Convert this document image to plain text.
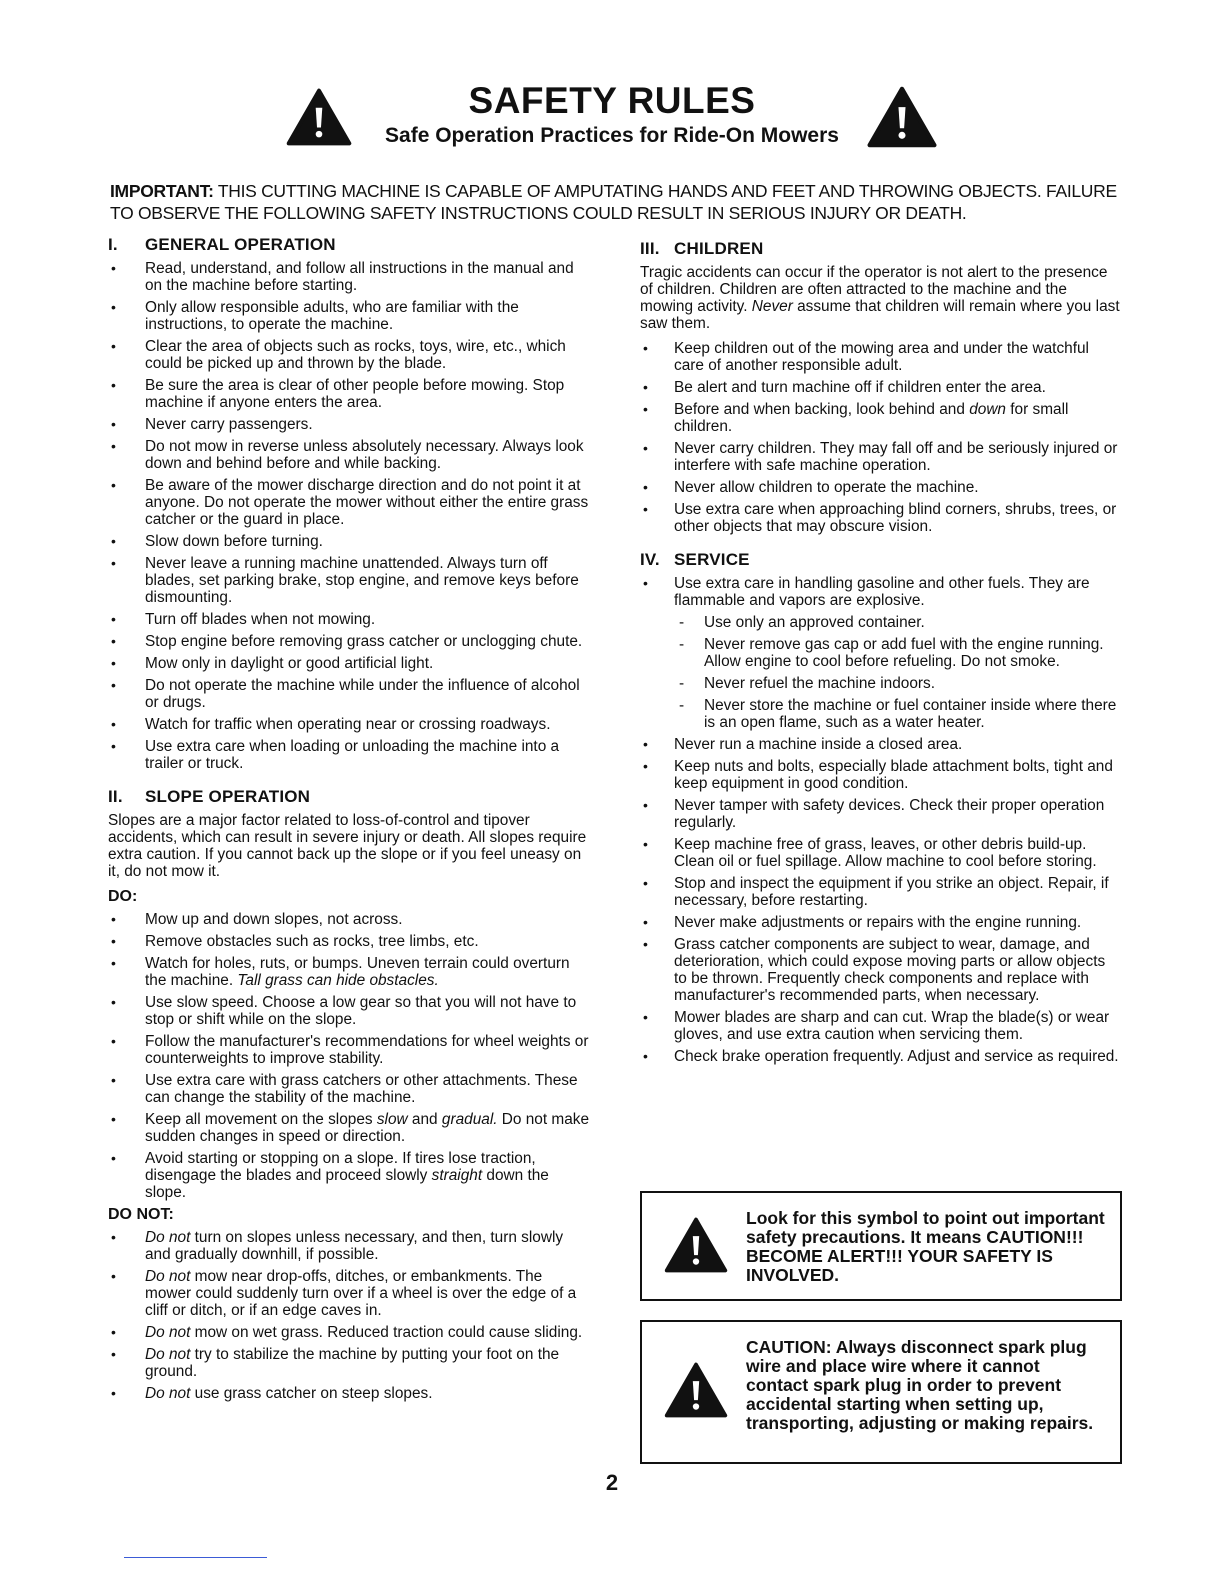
SAFETY RULES
Safe Operation Practices for Ride-On Mowers
IMPORTANT: THIS CUTTING MACHINE IS CAPABLE OF AMPUTATING HANDS AND FEET AND THROWING OBJECTS. FAILURE TO OBSERVE THE FOLLOWING SAFETY INSTRUCTIONS COULD RESULT IN SERIOUS INJURY OR DEATH.
I.	GENERAL OPERATION
• Read, understand, and follow all instructions in the manual and on the machine before starting.
• Only allow responsible adults, who are familiar with the instructions, to operate the machine.
• Clear the area of objects such as rocks, toys, wire, etc., which could be picked up and thrown by the blade.
• Be sure the area is clear of other people before mowing. Stop machine if anyone enters the area.
• Never carry passengers.
• Do not mow in reverse unless absolutely necessary. Always look down and behind before and while backing.
• Be aware of the mower discharge direction and do not point it at anyone. Do not operate the mower without either the entire grass catcher or the guard in place.
• Slow down before turning.
• Never leave a running machine unattended. Always turn off blades, set parking brake, stop engine, and remove keys before dismounting.
• Turn off blades when not mowing.
• Stop engine before removing grass catcher or unclogging chute.
• Mow only in daylight or good artificial light.
• Do not operate the machine while under the influence of alcohol or drugs.
• Watch for traffic when operating near or crossing roadways.
• Use extra care when loading or unloading the machine into a trailer or truck.
II.	SLOPE OPERATION

Slopes are a major factor related to loss-of-control and tipover accidents, which can result in severe injury or death. All slopes require extra caution. If you cannot back up the slope or if you feel uneasy on it, do not mow it.

DO:
• Mow up and down slopes, not across.
• Remove obstacles such as rocks, tree limbs, etc.
• Watch for holes, ruts, or bumps. Uneven terrain could overturn the machine. Tall grass can hide obstacles.
• Use slow speed. Choose a low gear so that you will not have to stop or shift while on the slope.
• Follow the manufacturer's recommendations for wheel weights or counterweights to improve stability.
• Use extra care with grass catchers or other attachments. These can change the stability of the machine.
• Keep all movement on the slopes slow and gradual. Do not make sudden changes in speed or direction.
• Avoid starting or stopping on a slope. If tires lose traction, disengage the blades and proceed slowly straight down the slope.
DO NOT:
• Do not turn on slopes unless necessary, and then, turn slowly and gradually downhill, if possible.
• Do not mow near drop-offs, ditches, or embankments. The mower could suddenly turn over if a wheel is over the edge of a cliff or ditch, or if an edge caves in.
• Do not mow on wet grass. Reduced traction could cause sliding.
• Do not try to stabilize the machine by putting your foot on the ground.
• Do not use grass catcher on steep slopes.
III. CHILDREN

Tragic accidents can occur if the operator is not alert to the presence of children. Children are often attracted to the machine and the mowing activity. Never assume that children will remain where you last saw them.

• Keep children out of the mowing area and under the watchful care of another responsible adult.
• Be alert and turn machine off if children enter the area.
• Before and when backing, look behind and down for small children.
• Never carry children. They may fall off and be seriously injured or interfere with safe machine operation.
• Never allow children to operate the machine.
• Use extra care when approaching blind corners, shrubs, trees, or other objects that may obscure vision.
IV. SERVICE
• Use extra care in handling gasoline and other fuels. They are flammable and vapors are explosive.
- Use only an approved container.
- Never remove gas cap or add fuel with the engine running. Allow engine to cool before refueling. Do not smoke.
- Never refuel the machine indoors.
- Never store the machine or fuel container inside where there is an open flame, such as a water heater.
• Never run a machine inside a closed area.
• Keep nuts and bolts, especially blade attachment bolts, tight and keep equipment in good condition.
• Never tamper with safety devices. Check their proper operation regularly.
• Keep machine free of grass, leaves, or other debris build-up. Clean oil or fuel spillage. Allow machine to cool before storing.
• Stop and inspect the equipment if you strike an object. Repair, if necessary, before restarting.
• Never make adjustments or repairs with the engine running.
• Grass catcher components are subject to wear, damage, and deterioration, which could expose moving parts or allow objects to be thrown. Frequently check components and replace with manufacturer's recommended parts, when necessary.
• Mower blades are sharp and can cut. Wrap the blade(s) or wear gloves, and use extra caution when servicing them.
• Check brake operation frequently. Adjust and service as required.
Look for this symbol to point out important safety precautions. It means CAUTION!!! BECOME ALERT!!! YOUR SAFETY IS INVOLVED.
CAUTION: Always disconnect spark plug wire and place wire where it cannot contact spark plug in order to prevent accidental starting when setting up, transporting, adjusting or making repairs.
2
